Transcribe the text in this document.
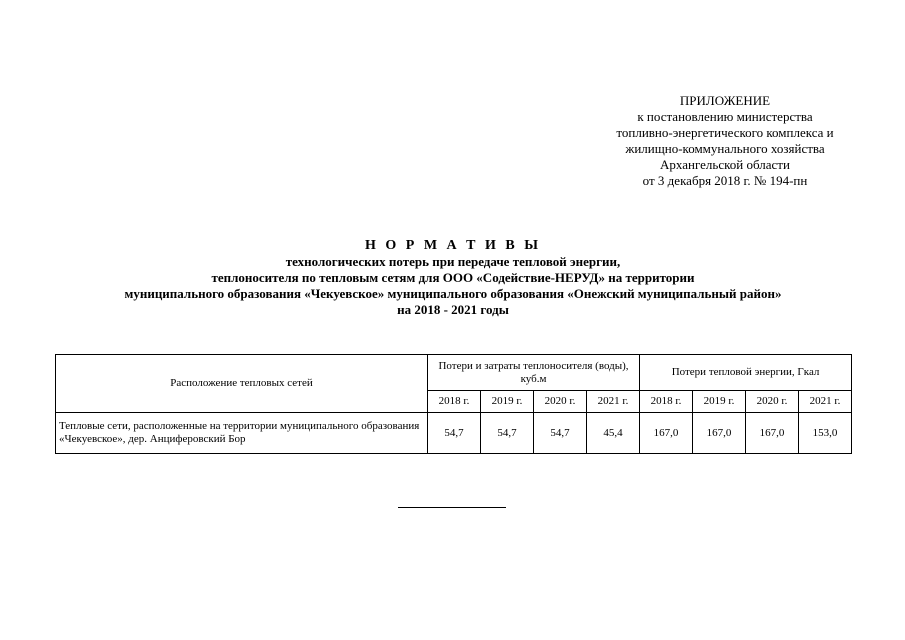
ПРИЛОЖЕНИЕ
к постановлению министерства
топливно-энергетического комплекса и
жилищно-коммунального хозяйства
Архангельской области
от 3 декабря 2018 г. № 194-пн
Н О Р М А Т И В Ы
технологических потерь при передаче тепловой энергии,
теплоносителя по тепловым сетям для ООО «Содействие-НЕРУД» на территории
муниципального образования «Чекуевское» муниципального образования «Онежский муниципальный район»
на 2018 - 2021 годы
Расположение тепловых сетей	Потери и затраты теплоносителя (воды), куб.м				Потери тепловой энергии, Гкал			
	2018 г.	2019 г.	2020 г.	2021 г.	2018 г.	2019 г.	2020 г.	2021 г.
Тепловые сети, расположенные на территории муниципального образования «Чекуевское», дер. Анциферовский Бор	54,7	54,7	54,7	45,4	167,0	167,0	167,0	153,0
